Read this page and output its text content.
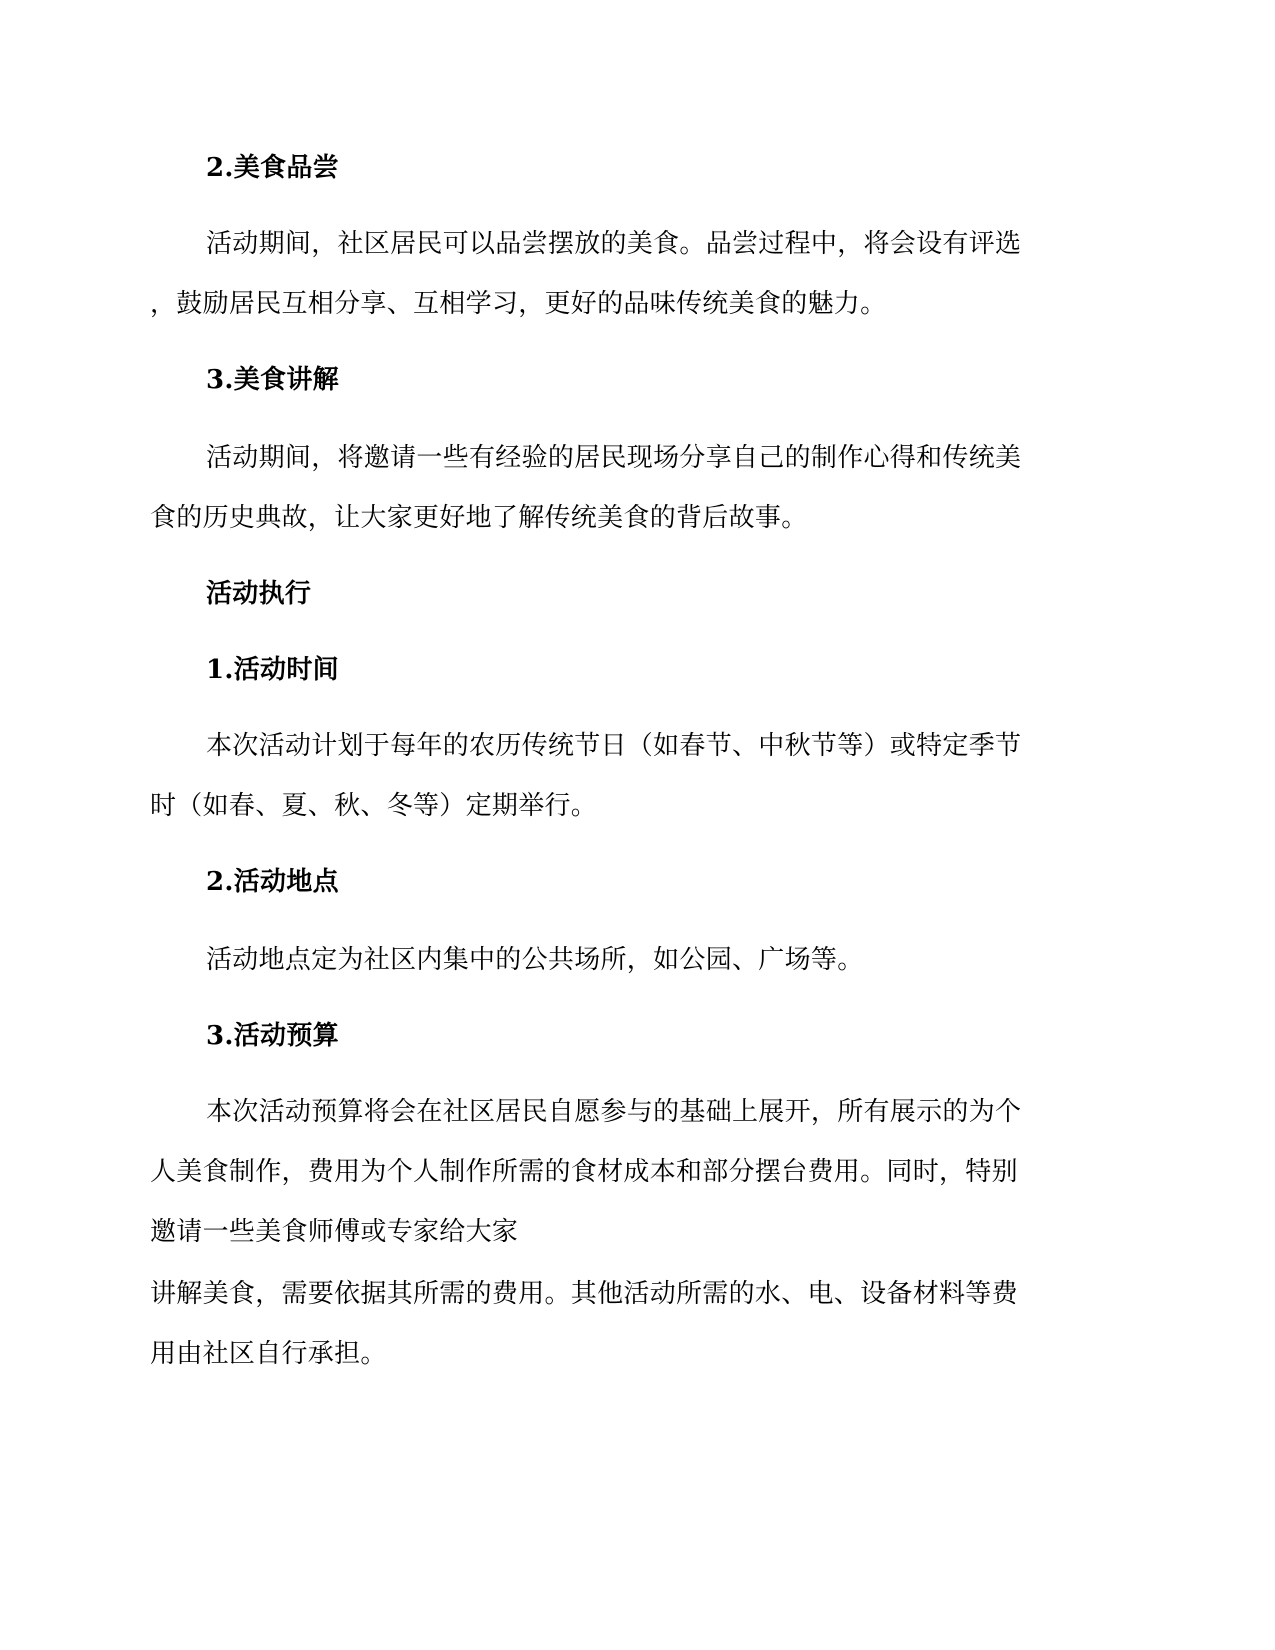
2.美食品尝
活动期间，社区居民可以品尝摆放的美食。品尝过程中，将会设有评选
，鼓励居民互相分享、互相学习，更好的品味传统美食的魅力。
3.美食讲解
活动期间，将邀请一些有经验的居民现场分享自己的制作心得和传统美
食的历史典故，让大家更好地了解传统美食的背后故事。
活动执行
1.活动时间
本次活动计划于每年的农历传统节日（如春节、中秋节等）或特定季节
时（如春、夏、秋、冬等）定期举行。
2.活动地点
活动地点定为社区内集中的公共场所，如公园、广场等。
3.活动预算
本次活动预算将会在社区居民自愿参与的基础上展开，所有展示的为个
人美食制作，费用为个人制作所需的食材成本和部分摆台费用。同时，特别
邀请一些美食师傅或专家给大家
讲解美食，需要依据其所需的费用。其他活动所需的水、电、设备材料等费
用由社区自行承担。
